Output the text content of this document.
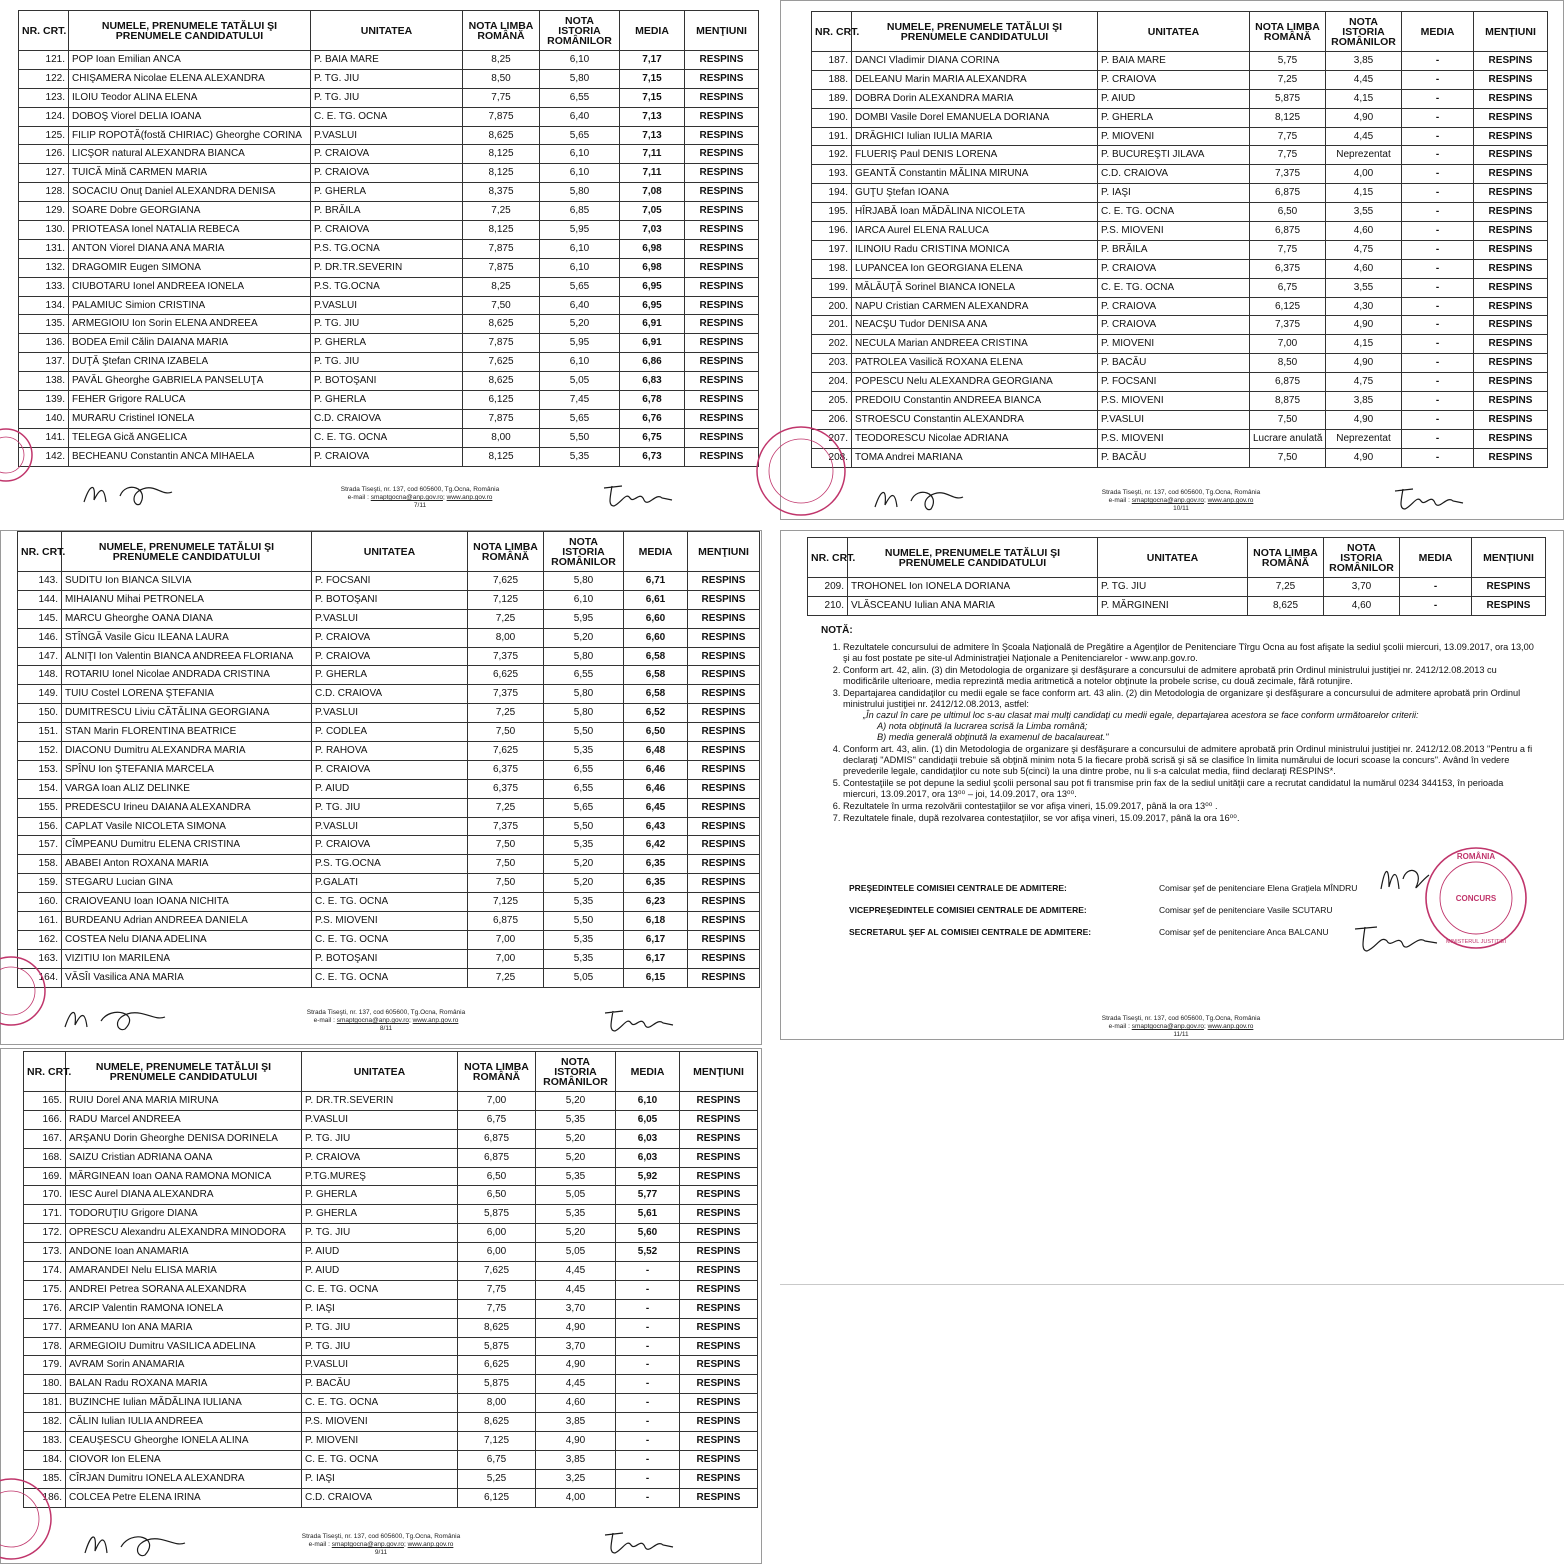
NR. CRT.	NUMELE, PRENUMELE TATĂLUI ŞI PRENUMELE CANDIDATULUI	UNITATEA	NOTA LIMBA ROMÂNĂ	NOTA ISTORIA ROMÂNILOR	MEDIA	MENŢIUNI
121.	POP Ioan Emilian ANCA	P. BAIA MARE	8,25	6,10	7,17	RESPINS
122.	CHIŞAMERA Nicolae ELENA ALEXANDRA	P. TG. JIU	8,50	5,80	7,15	RESPINS
123.	ILOIU Teodor ALINA ELENA	P. TG. JIU	7,75	6,55	7,15	RESPINS
124.	DOBOŞ Viorel DELIA IOANA	C. E. TG. OCNA	7,875	6,40	7,13	RESPINS
125.	FILIP ROPOTĂ(fostă CHIRIAC) Gheorghe CORINA	P.VASLUI	8,625	5,65	7,13	RESPINS
126.	LICŞOR natural ALEXANDRA BIANCA	P. CRAIOVA	8,125	6,10	7,11	RESPINS
127.	TUICĂ Mină CARMEN MARIA	P. CRAIOVA	8,125	6,10	7,11	RESPINS
128.	SOCACIU Onuţ Daniel ALEXANDRA DENISA	P. GHERLA	8,375	5,80	7,08	RESPINS
129.	SOARE Dobre GEORGIANA	P. BRĂILA	7,25	6,85	7,05	RESPINS
130.	PRIOTEASA Ionel NATALIA REBECA	P. CRAIOVA	8,125	5,95	7,03	RESPINS
131.	ANTON Viorel DIANA ANA MARIA	P.S. TG.OCNA	7,875	6,10	6,98	RESPINS
132.	DRAGOMIR Eugen SIMONA	P. DR.TR.SEVERIN	7,875	6,10	6,98	RESPINS
133.	CIUBOTARU Ionel ANDREEA IONELA	P.S. TG.OCNA	8,25	5,65	6,95	RESPINS
134.	PALAMIUC Simion CRISTINA	P.VASLUI	7,50	6,40	6,95	RESPINS
135.	ARMEGIOIU Ion Sorin ELENA ANDREEA	P. TG. JIU	8,625	5,20	6,91	RESPINS
136.	BODEA Emil Călin DAIANA MARIA	P. GHERLA	7,875	5,95	6,91	RESPINS
137.	DUŢĂ Ştefan CRINA IZABELA	P. TG. JIU	7,625	6,10	6,86	RESPINS
138.	PAVĂL Gheorghe GABRIELA PANSELUŢA	P. BOTOŞANI	8,625	5,05	6,83	RESPINS
139.	FEHER Grigore RALUCA	P. GHERLA	6,125	7,45	6,78	RESPINS
140.	MURARU Cristinel IONELA	C.D. CRAIOVA	7,875	5,65	6,76	RESPINS
141.	TELEGA Gică ANGELICA	C. E. TG. OCNA	8,00	5,50	6,75	RESPINS
142.	BECHEANU Constantin ANCA MIHAELA	P. CRAIOVA	8,125	5,35	6,73	RESPINS
Strada Tiseşti, nr. 137, cod 605600, Tg.Ocna, România
e-mail : smaptgocna@anp.gov.ro; www.anp.gov.ro
7/11
NR. CRT.	NUMELE, PRENUMELE TATĂLUI ŞI PRENUMELE CANDIDATULUI	UNITATEA	NOTA LIMBA ROMÂNĂ	NOTA ISTORIA ROMÂNILOR	MEDIA	MENŢIUNI
187.	DANCI Vladimir DIANA CORINA	P. BAIA MARE	5,75	3,85	-	RESPINS
188.	DELEANU Marin MARIA ALEXANDRA	P. CRAIOVA	7,25	4,45	-	RESPINS
189.	DOBRA Dorin ALEXANDRA MARIA	P. AIUD	5,875	4,15	-	RESPINS
190.	DOMBI Vasile Dorel EMANUELA DORIANA	P. GHERLA	8,125	4,90	-	RESPINS
191.	DRĂGHICI Iulian IULIA MARIA	P. MIOVENI	7,75	4,45	-	RESPINS
192.	FLUERIŞ Paul DENIS LORENA	P. BUCUREŞTI JILAVA	7,75	Neprezentat	-	RESPINS
193.	GEANTĂ Constantin MĂLINA MIRUNA	C.D. CRAIOVA	7,375	4,00	-	RESPINS
194.	GUŢU Ştefan IOANA	P. IAŞI	6,875	4,15	-	RESPINS
195.	HÎRJABĂ Ioan MĂDĂLINA NICOLETA	C. E. TG. OCNA	6,50	3,55	-	RESPINS
196.	IARCA Aurel ELENA RALUCA	P.S. MIOVENI	6,875	4,60	-	RESPINS
197.	ILINOIU Radu CRISTINA MONICA	P. BRĂILA	7,75	4,75	-	RESPINS
198.	LUPANCEA Ion GEORGIANA ELENA	P. CRAIOVA	6,375	4,60	-	RESPINS
199.	MĂLĂUŢĂ Sorinel BIANCA IONELA	C. E. TG. OCNA	6,75	3,55	-	RESPINS
200.	NAPU Cristian CARMEN ALEXANDRA	P. CRAIOVA	6,125	4,30	-	RESPINS
201.	NEACŞU Tudor DENISA ANA	P. CRAIOVA	7,375	4,90	-	RESPINS
202.	NECULA Marian ANDREEA CRISTINA	P. MIOVENI	7,00	4,15	-	RESPINS
203.	PATROLEA Vasilică ROXANA ELENA	P. BACĂU	8,50	4,90	-	RESPINS
204.	POPESCU Nelu ALEXANDRA GEORGIANA	P. FOCSANI	6,875	4,75	-	RESPINS
205.	PREDOIU Constantin ANDREEA BIANCA	P.S. MIOVENI	8,875	3,85	-	RESPINS
206.	STROESCU Constantin ALEXANDRA	P.VASLUI	7,50	4,90	-	RESPINS
207.	TEODORESCU Nicolae ADRIANA	P.S. MIOVENI	Lucrare anulată	Neprezentat	-	RESPINS
208.	TOMA Andrei MARIANA	P. BACĂU	7,50	4,90	-	RESPINS
Strada Tiseşti, nr. 137, cod 605600, Tg.Ocna, România
e-mail : smaptgocna@anp.gov.ro; www.anp.gov.ro
10/11
NR. CRT.	NUMELE, PRENUMELE TATĂLUI ŞI PRENUMELE CANDIDATULUI	UNITATEA	NOTA LIMBA ROMÂNĂ	NOTA ISTORIA ROMÂNILOR	MEDIA	MENŢIUNI
143.	SUDITU Ion BIANCA SILVIA	P. FOCSANI	7,625	5,80	6,71	RESPINS
144.	MIHAIANU Mihai PETRONELA	P. BOTOŞANI	7,125	6,10	6,61	RESPINS
145.	MARCU Gheorghe OANA DIANA	P.VASLUI	7,25	5,95	6,60	RESPINS
146.	STÎNGĂ Vasile Gicu ILEANA LAURA	P. CRAIOVA	8,00	5,20	6,60	RESPINS
147.	ALNIŢI Ion Valentin BIANCA ANDREEA FLORIANA	P. CRAIOVA	7,375	5,80	6,58	RESPINS
148.	ROTARIU Ionel Nicolae ANDRADA CRISTINA	P. GHERLA	6,625	6,55	6,58	RESPINS
149.	TUIU Costel LORENA ŞTEFANIA	C.D. CRAIOVA	7,375	5,80	6,58	RESPINS
150.	DUMITRESCU Liviu CĂTĂLINA GEORGIANA	P.VASLUI	7,25	5,80	6,52	RESPINS
151.	STAN Marin FLORENTINA BEATRICE	P. CODLEA	7,50	5,50	6,50	RESPINS
152.	DIACONU Dumitru ALEXANDRA MARIA	P. RAHOVA	7,625	5,35	6,48	RESPINS
153.	SPÎNU Ion ŞTEFANIA MARCELA	P. CRAIOVA	6,375	6,55	6,46	RESPINS
154.	VARGA Ioan ALIZ DELINKE	P. AIUD	6,375	6,55	6,46	RESPINS
155.	PREDESCU Irineu DAIANA ALEXANDRA	P. TG. JIU	7,25	5,65	6,45	RESPINS
156.	CAPLAT Vasile NICOLETA SIMONA	P.VASLUI	7,375	5,50	6,43	RESPINS
157.	CÎMPEANU Dumitru ELENA CRISTINA	P. CRAIOVA	7,50	5,35	6,42	RESPINS
158.	ABABEI Anton ROXANA MARIA	P.S. TG.OCNA	7,50	5,20	6,35	RESPINS
159.	STEGARU Lucian GINA	P.GALATI	7,50	5,20	6,35	RESPINS
160.	CRAIOVEANU Ioan IOANA NICHITA	C. E. TG. OCNA	7,125	5,35	6,23	RESPINS
161.	BURDEANU Adrian ANDREEA DANIELA	P.S. MIOVENI	6,875	5,50	6,18	RESPINS
162.	COSTEA Nelu DIANA ADELINA	C. E. TG. OCNA	7,00	5,35	6,17	RESPINS
163.	VIZITIU Ion MARILENA	P. BOTOŞANI	7,00	5,35	6,17	RESPINS
164.	VĂSÎI Vasilica ANA MARIA	C. E. TG. OCNA	7,25	5,05	6,15	RESPINS
Strada Tiseşti, nr. 137, cod 605600, Tg.Ocna, România
e-mail : smaptgocna@anp.gov.ro; www.anp.gov.ro
8/11
NR. CRT.	NUMELE, PRENUMELE TATĂLUI ŞI PRENUMELE CANDIDATULUI	UNITATEA	NOTA LIMBA ROMÂNĂ	NOTA ISTORIA ROMÂNILOR	MEDIA	MENŢIUNI
209.	TROHONEL Ion IONELA DORIANA	P. TG. JIU	7,25	3,70	-	RESPINS
210.	VLĂSCEANU Iulian ANA MARIA	P. MĂRGINENI	8,625	4,60	-	RESPINS
NOTĂ:
1. Rezultatele concursului de admitere în Şcoala Naţională de Pregătire a Agenţilor de Penitenciare Tîrgu Ocna au fost afişate la sediul şcolii miercuri, 13.09.2017, ora 13,00 şi au fost postate pe site-ul Administraţiei Naţionale a Penitenciarelor - www.anp.gov.ro.
2. Conform art. 42, alin. (3) din Metodologia de organizare şi desfăşurare a concursului de admitere aprobată prin Ordinul ministrului justiţiei nr. 2412/12.08.2013 cu modificările ulterioare, media reprezintă media aritmetică a notelor obţinute la probele scrise, cu două zecimale, fără rotunjire.
3. Departajarea candidaţilor cu medii egale se face conform art. 43 alin. (2) din Metodologia de organizare şi desfăşurare a concursului de admitere aprobată prin Ordinul ministrului justiţiei nr. 2412/12.08.2013, astfel:
„În cazul în care pe ultimul loc s-au clasat mai mulţi candidaţi cu medii egale, departajarea acestora se face conform următoarelor criterii:
A) nota obţinută la lucrarea scrisă la Limba română;
B) media generală obţinută la examenul de bacalaureat."
4. Conform art. 43, alin. (1) din Metodologia de organizare şi desfăşurare a concursului de admitere aprobată prin Ordinul ministrului justiţiei nr. 2412/12.08.2013 "Pentru a fi declaraţi "ADMIS" candidaţii trebuie să obţină minim nota 5 la fiecare probă scrisă şi să se clasifice în limita numărului de locuri scoase la concurs". Având în vedere prevederile legale, candidaţilor cu note sub 5(cinci) la una dintre probe, nu li s-a calculat media, fiind declaraţi RESPINS*.
5. Contestaţiile se pot depune la sediul şcolii personal sau pot fi transmise prin fax de la sediul unităţii care a recrutat candidatul la numărul 0234 344153, în perioada miercuri, 13.09.2017, ora 13⁰⁰ – joi, 14.09.2017, ora 13⁰⁰.
6. Rezultatele în urma rezolvării contestaţiilor se vor afişa vineri, 15.09.2017, până la ora 13⁰⁰ .
7. Rezultatele finale, după rezolvarea contestaţiilor, se vor afişa vineri, 15.09.2017, până la ora 16⁰⁰.
PREŞEDINTELE COMISIEI CENTRALE DE ADMITERE:	Comisar şef de penitenciare Elena Graţiela MÎNDRU
VICEPREŞEDINTELE COMISIEI CENTRALE DE ADMITERE:	Comisar şef de penitenciare Vasile SCUTARU
SECRETARUL ŞEF AL COMISIEI CENTRALE DE ADMITERE:	Comisar şef de penitenciare Anca BALCANU
ROMÂNIA
CONCURS
MINISTERUL JUSTIŢIEI
Strada Tiseşti, nr. 137, cod 605600, Tg.Ocna, România
e-mail : smaptgocna@anp.gov.ro; www.anp.gov.ro
11/11
NR. CRT.	NUMELE, PRENUMELE TATĂLUI ŞI PRENUMELE CANDIDATULUI	UNITATEA	NOTA LIMBA ROMÂNĂ	NOTA ISTORIA ROMÂNILOR	MEDIA	MENŢIUNI
165.	RUIU Dorel ANA MARIA MIRUNA	P. DR.TR.SEVERIN	7,00	5,20	6,10	RESPINS
166.	RADU Marcel ANDREEA	P.VASLUI	6,75	5,35	6,05	RESPINS
167.	ARŞANU Dorin Gheorghe DENISA DORINELA	P. TG. JIU	6,875	5,20	6,03	RESPINS
168.	SAIZU Cristian ADRIANA OANA	P. CRAIOVA	6,875	5,20	6,03	RESPINS
169.	MĂRGINEAN Ioan OANA RAMONA MONICA	P.TG.MUREŞ	6,50	5,35	5,92	RESPINS
170.	IESC Aurel DIANA ALEXANDRA	P. GHERLA	6,50	5,05	5,77	RESPINS
171.	TODORUŢIU Grigore DIANA	P. GHERLA	5,875	5,35	5,61	RESPINS
172.	OPRESCU Alexandru ALEXANDRA MINODORA	P. TG. JIU	6,00	5,20	5,60	RESPINS
173.	ANDONE Ioan ANAMARIA	P. AIUD	6,00	5,05	5,52	RESPINS
174.	AMARANDEI Nelu ELISA MARIA	P. AIUD	7,625	4,45	-	RESPINS
175.	ANDREI Petrea SORANA ALEXANDRA	C. E. TG. OCNA	7,75	4,45	-	RESPINS
176.	ARCIP Valentin RAMONA IONELA	P. IAŞI	7,75	3,70	-	RESPINS
177.	ARMEANU Ion ANA MARIA	P. TG. JIU	8,625	4,90	-	RESPINS
178.	ARMEGIOIU Dumitru VASILICA ADELINA	P. TG. JIU	5,875	3,70	-	RESPINS
179.	AVRAM Sorin ANAMARIA	P.VASLUI	6,625	4,90	-	RESPINS
180.	BALAN Radu ROXANA MARIA	P. BACĂU	5,875	4,45	-	RESPINS
181.	BUZINCHE Iulian MĂDĂLINA IULIANA	C. E. TG. OCNA	8,00	4,60	-	RESPINS
182.	CĂLIN Iulian IULIA ANDREEA	P.S. MIOVENI	8,625	3,85	-	RESPINS
183.	CEAUŞESCU Gheorghe IONELA ALINA	P. MIOVENI	7,125	4,90	-	RESPINS
184.	CIOVOR Ion ELENA	C. E. TG. OCNA	6,75	3,85	-	RESPINS
185.	CÎRJAN Dumitru IONELA ALEXANDRA	P. IAŞI	5,25	3,25	-	RESPINS
186.	COLCEA Petre ELENA IRINA	C.D. CRAIOVA	6,125	4,00	-	RESPINS
Strada Tiseşti, nr. 137, cod 605600, Tg.Ocna, România
e-mail : smaptgocna@anp.gov.ro; www.anp.gov.ro
9/11
